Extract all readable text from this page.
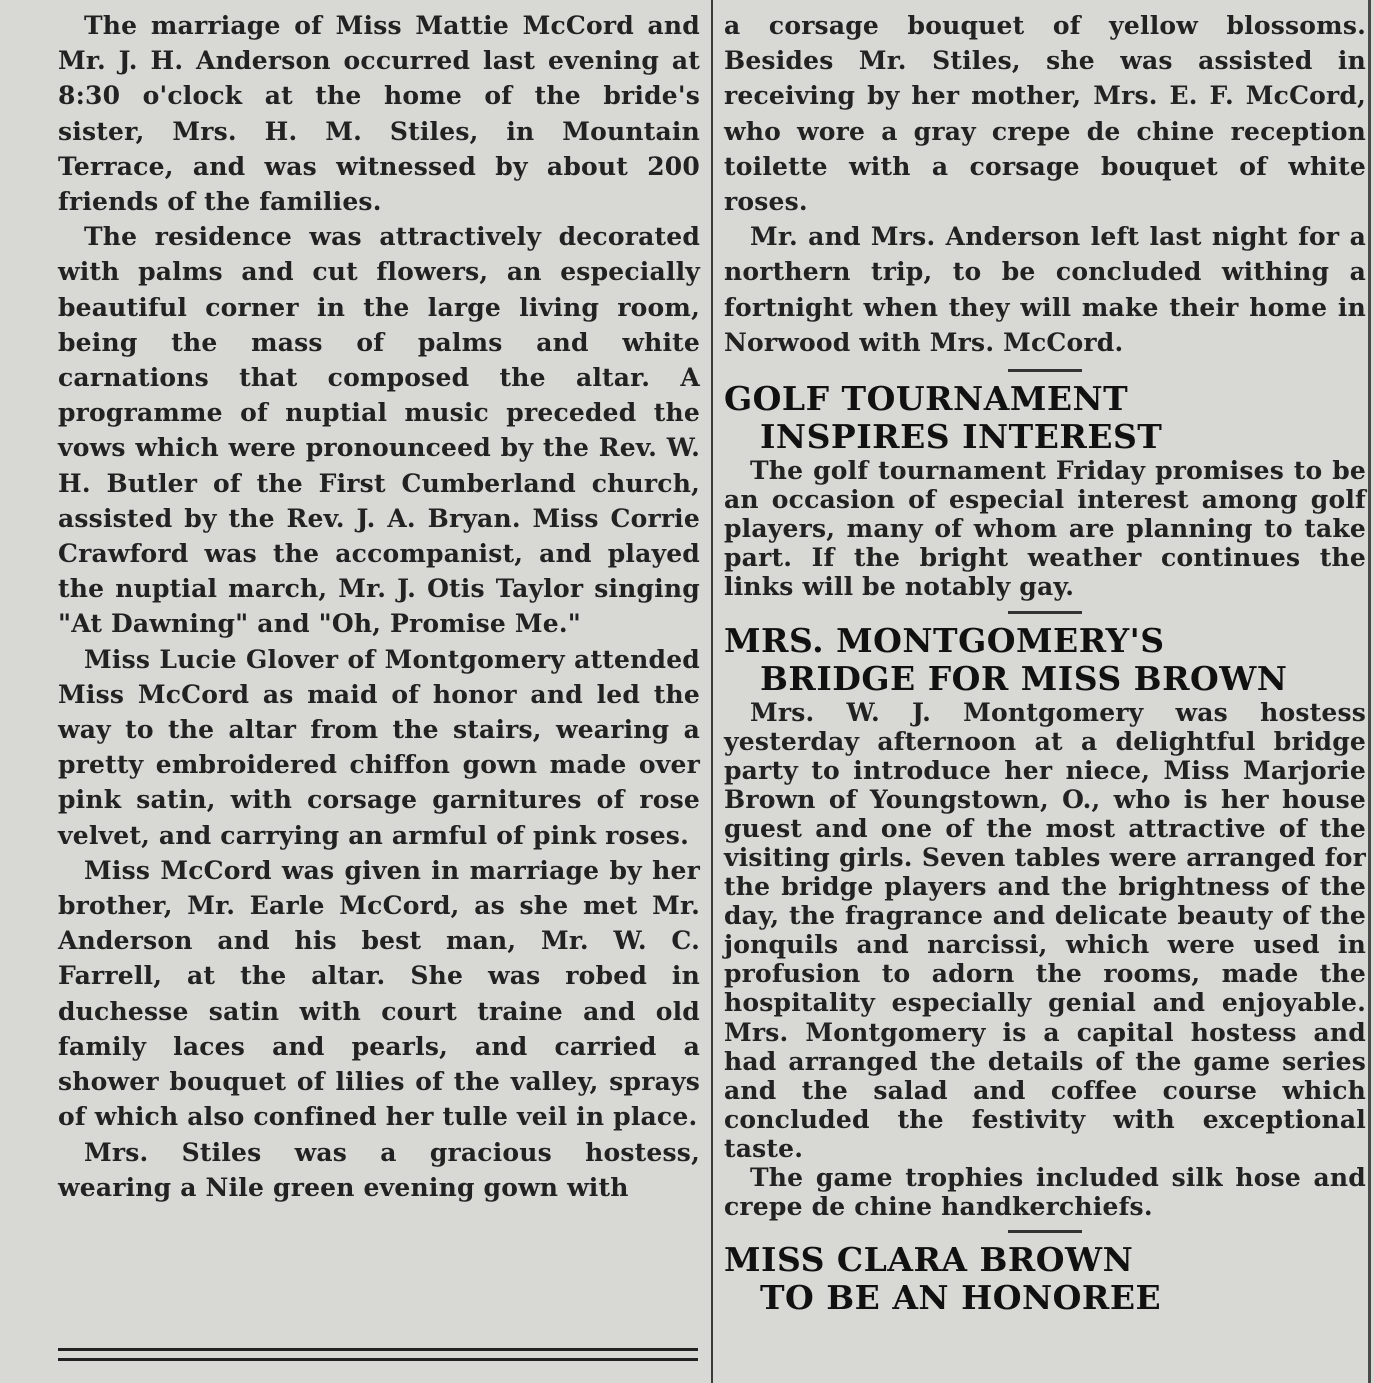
The marriage of Miss Mattie McCord and Mr. J. H. Anderson occurred last evening at 8:30 o'clock at the home of the bride's sister, Mrs. H. M. Stiles, in Mountain Terrace, and was witnessed by about 200 friends of the families.

The residence was attractively decorated with palms and cut flowers, an especially beautiful corner in the large living room, being the mass of palms and white carnations that composed the altar. A programme of nuptial music preceded the vows which were pronounceed by the Rev. W. H. Butler of the First Cumberland church, assisted by the Rev. J. A. Bryan. Miss Corrie Crawford was the accompanist, and played the nuptial march, Mr. J. Otis Taylor singing "At Dawning" and "Oh, Promise Me."

Miss Lucie Glover of Montgomery attended Miss McCord as maid of honor and led the way to the altar from the stairs, wearing a pretty embroidered chiffon gown made over pink satin, with corsage garnitures of rose velvet, and carrying an armful of pink roses.

Miss McCord was given in marriage by her brother, Mr. Earle McCord, as she met Mr. Anderson and his best man, Mr. W. C. Farrell, at the altar. She was robed in duchesse satin with court traine and old family laces and pearls, and carried a shower bouquet of lilies of the valley, sprays of which also confined her tulle veil in place.

Mrs. Stiles was a gracious hostess, wearing a Nile green evening gown with

a corsage bouquet of yellow blossoms. Besides Mr. Stiles, she was assisted in receiving by her mother, Mrs. E. F. McCord, who wore a gray crepe de chine reception toilette with a corsage bouquet of white roses.

Mr. and Mrs. Anderson left last night for a northern trip, to be concluded withing a fortnight when they will make their home in Norwood with Mrs. McCord.

GOLF TOURNAMENT
INSPIRES INTEREST

The golf tournament Friday promises to be an occasion of especial interest among golf players, many of whom are planning to take part. If the bright weather continues the links will be notably gay.

MRS. MONTGOMERY'S
BRIDGE FOR MISS BROWN

Mrs. W. J. Montgomery was hostess yesterday afternoon at a delightful bridge party to introduce her niece, Miss Marjorie Brown of Youngstown, O., who is her house guest and one of the most attractive of the visiting girls. Seven tables were arranged for the bridge players and the brightness of the day, the fragrance and delicate beauty of the jonquils and narcissi, which were used in profusion to adorn the rooms, made the hospitality especially genial and enjoyable. Mrs. Montgomery is a capital hostess and had arranged the details of the game series and the salad and coffee course which concluded the festivity with exceptional taste.

The game trophies included silk hose and crepe de chine handkerchiefs.

MISS CLARA BROWN
TO BE AN HONOREE
